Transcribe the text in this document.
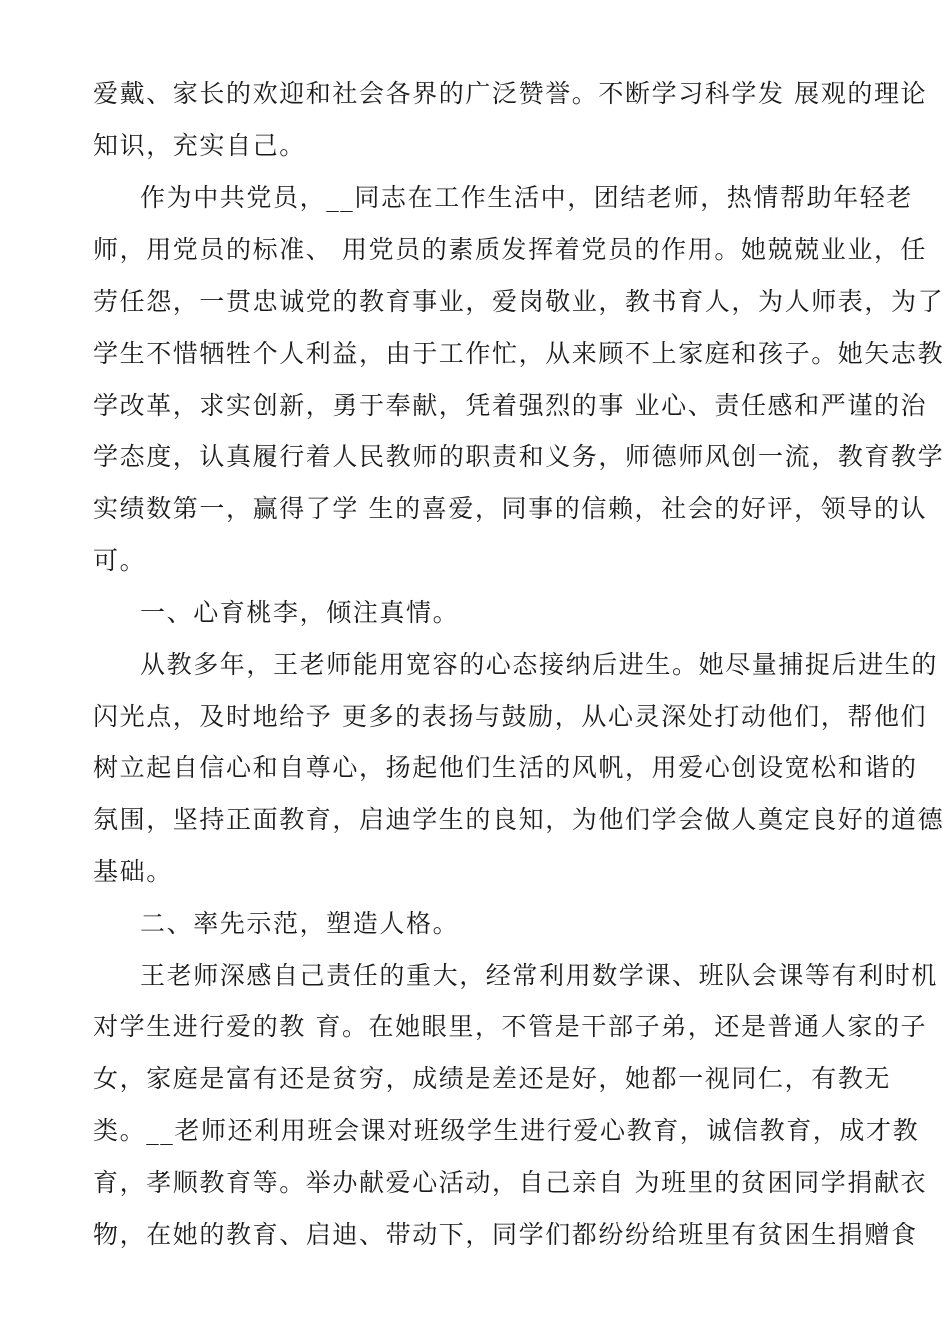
爱戴、家长的欢迎和社会各界的广泛赞誉。不断学习科学发 展观的理论
知识，充实自己。
作为中共党员，__同志在工作生活中，团结老师，热情帮助年轻老
师，用党员的标准、 用党员的素质发挥着党员的作用。她兢兢业业，任
劳任怨，一贯忠诚党的教育事业，爱岗敬业，教书育人，为人师表，为了
学生不惜牺牲个人利益，由于工作忙，从来顾不上家庭和孩子。她矢志教
学改革，求实创新，勇于奉献，凭着强烈的事 业心、责任感和严谨的治
学态度，认真履行着人民教师的职责和义务，师德师风创一流，教育教学
实绩数第一，赢得了学 生的喜爱，同事的信赖，社会的好评，领导的认
可。
一、心育桃李，倾注真情。
从教多年，王老师能用宽容的心态接纳后进生。她尽量捕捉后进生的
闪光点，及时地给予 更多的表扬与鼓励，从心灵深处打动他们，帮他们
树立起自信心和自尊心，扬起他们生活的风帆，用爱心创设宽松和谐的
氛围，坚持正面教育，启迪学生的良知，为他们学会做人奠定良好的道德
基础。
二、率先示范，塑造人格。
王老师深感自己责任的重大，经常利用数学课、班队会课等有利时机
对学生进行爱的教 育。在她眼里，不管是干部子弟，还是普通人家的子
女，家庭是富有还是贫穷，成绩是差还是好，她都一视同仁，有教无
类。__老师还利用班会课对班级学生进行爱心教育，诚信教育，成才教
育，孝顺教育等。举办献爱心活动，自己亲自 为班里的贫困同学捐献衣
物，在她的教育、启迪、带动下，同学们都纷纷给班里有贫困生捐赠食
